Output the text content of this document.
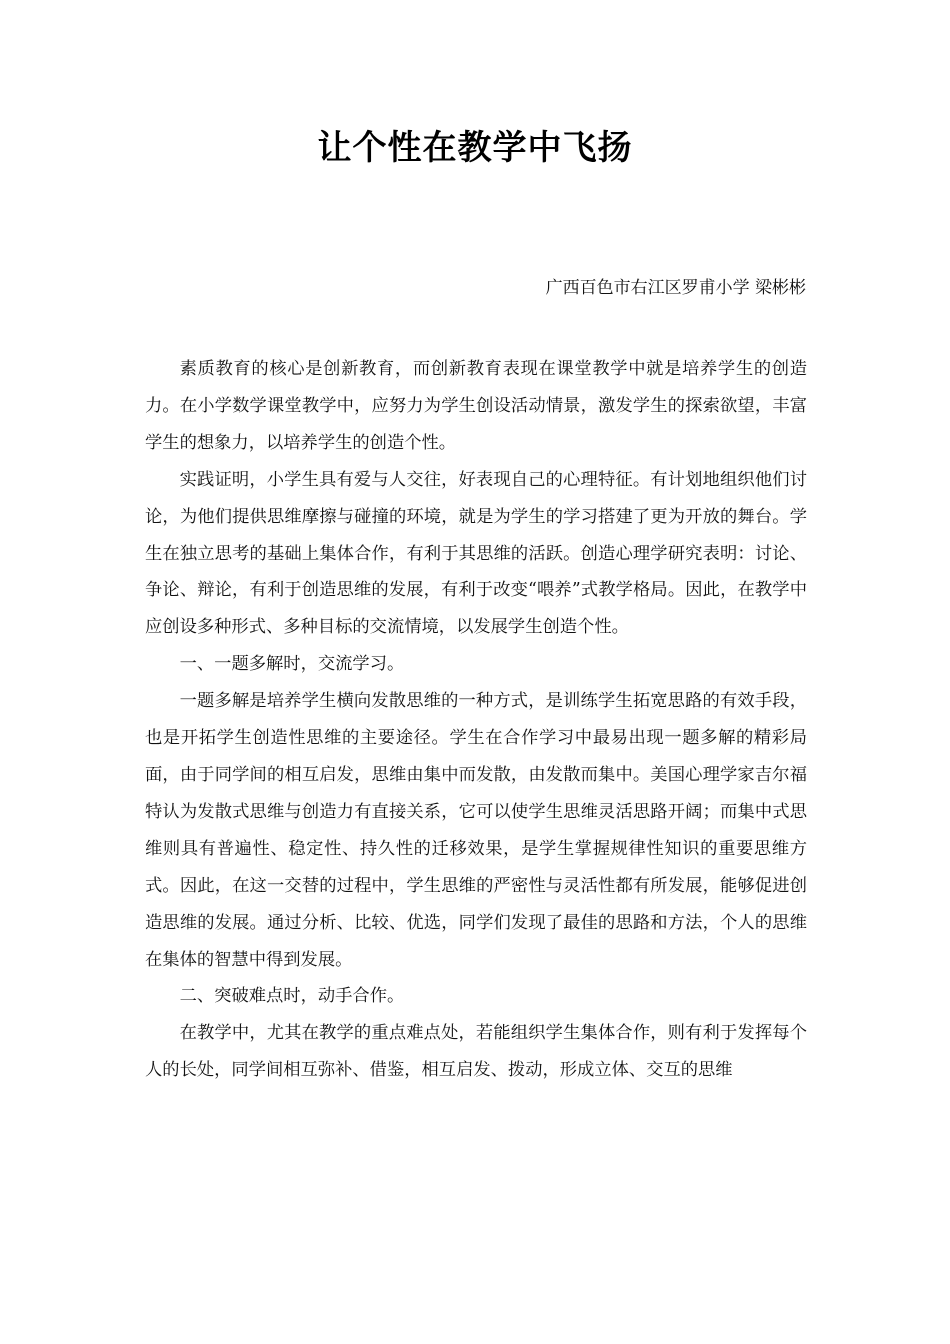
让个性在教学中飞扬
广西百色市右江区罗甫小学 梁彬彬

素质教育的核心是创新教育，而创新教育表现在课堂教学中就是培养学生的创造力。在小学数学课堂教学中，应努力为学生创设活动情景，激发学生的探索欲望，丰富学生的想象力，以培养学生的创造个性。

实践证明，小学生具有爱与人交往，好表现自己的心理特征。有计划地组织他们讨论，为他们提供思维摩擦与碰撞的环境，就是为学生的学习搭建了更为开放的舞台。学生在独立思考的基础上集体合作，有利于其思维的活跃。创造心理学研究表明：讨论、争论、辩论，有利于创造思维的发展，有利于改变“喂养”式教学格局。因此，在教学中应创设多种形式、多种目标的交流情境，以发展学生创造个性。

一、一题多解时，交流学习。

一题多解是培养学生横向发散思维的一种方式，是训练学生拓宽思路的有效手段，也是开拓学生创造性思维的主要途径。学生在合作学习中最易出现一题多解的精彩局面，由于同学间的相互启发，思维由集中而发散，由发散而集中。美国心理学家吉尔福特认为发散式思维与创造力有直接关系，它可以使学生思维灵活思路开阔；而集中式思维则具有普遍性、稳定性、持久性的迁移效果，是学生掌握规律性知识的重要思维方式。因此，在这一交替的过程中，学生思维的严密性与灵活性都有所发展，能够促进创造思维的发展。通过分析、比较、优选，同学们发现了最佳的思路和方法，个人的思维在集体的智慧中得到发展。

二、突破难点时，动手合作。

在教学中，尤其在教学的重点难点处，若能组织学生集体合作，则有利于发挥每个人的长处，同学间相互弥补、借鉴，相互启发、拨动，形成立体、交互的思维
